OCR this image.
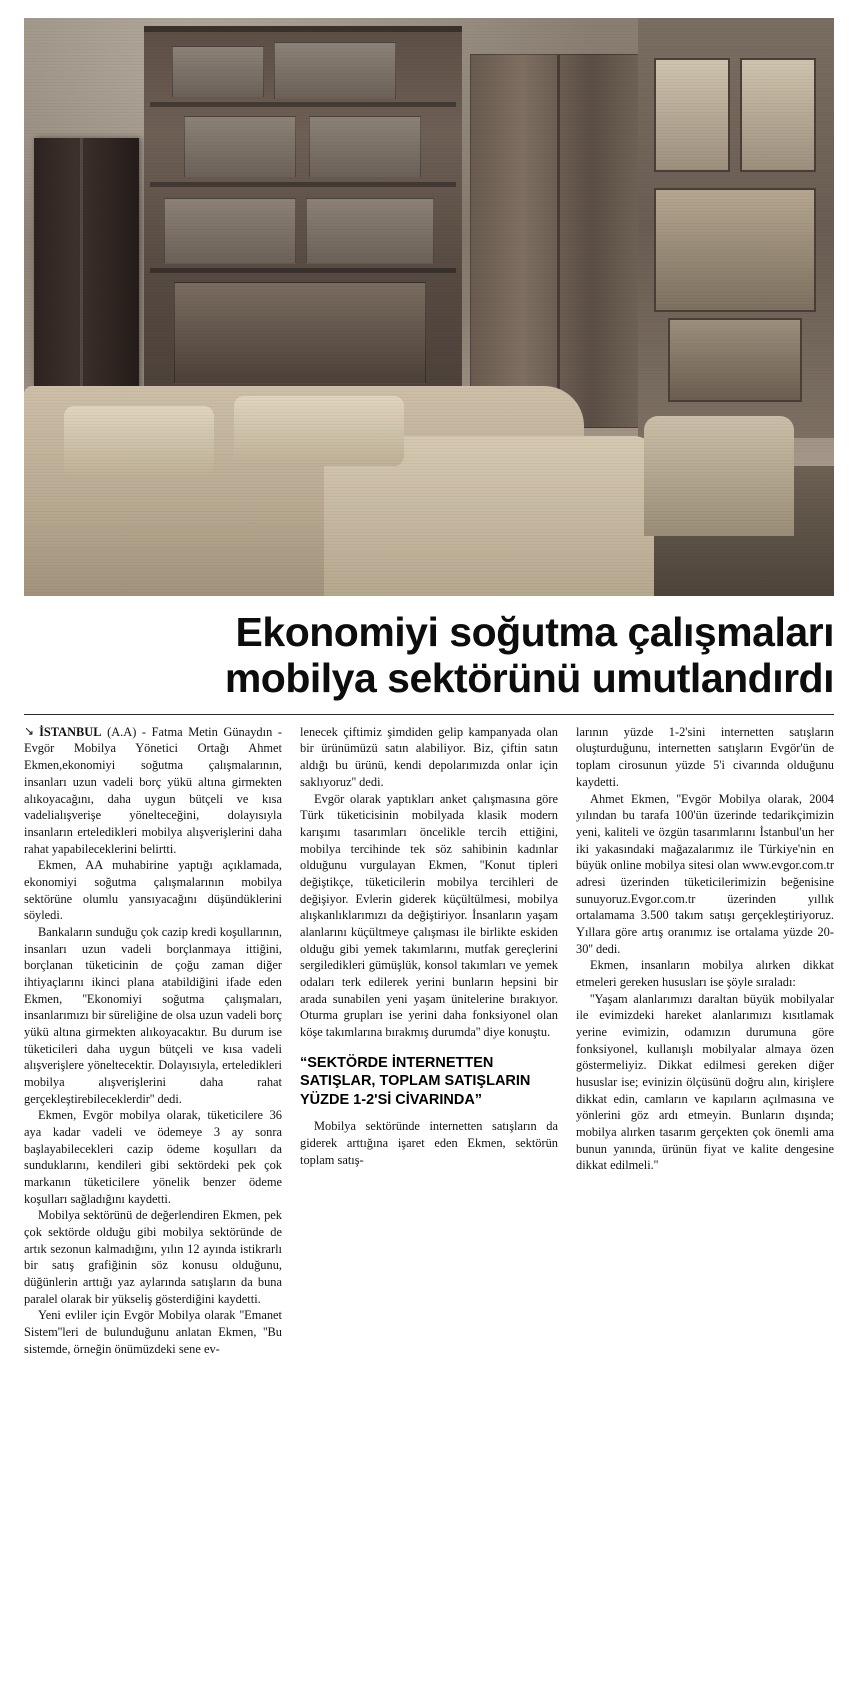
Ekonomiyi soğutma çalışmaları
mobilya sektörünü umutlandırdı

↘ İSTANBUL (A.A) - Fatma Metin Günaydın - Evgör Mobilya Yönetici Ortağı Ahmet Ekmen,ekonomiyi soğutma çalışmalarının, insanları uzun vadeli borç yükü altına girmekten alıkoyacağını, daha uygun bütçeli ve kısa vadelialışverişe yönelteceğini, dolayısıyla insanların erteledikleri mobilya alışverişlerini daha rahat yapabileceklerini belirtti.

Ekmen, AA muhabirine yaptığı açıklamada, ekonomiyi soğutma çalışmalarının mobilya sektörüne olumlu yansıyacağını düşündüklerini söyledi.

Bankaların sunduğu çok cazip kredi koşullarının, insanları uzun vadeli borçlanmaya ittiğini, borçlanan tüketicinin de çoğu zaman diğer ihtiyaçlarını ikinci plana atabildiğini ifade eden Ekmen, ''Ekonomiyi soğutma çalışmaları, insanlarımızı bir süreliğine de olsa uzun vadeli borç yükü altına girmekten alıkoyacaktır. Bu durum ise tüketicileri daha uygun bütçeli ve kısa vadeli alışverişlere yöneltecektir. Dolayısıyla, erteledikleri mobilya alışverişlerini daha rahat gerçekleştirebileceklerdir'' dedi.

Ekmen, Evgör mobilya olarak, tüketicilere 36 aya kadar vadeli ve ödemeye 3 ay sonra başlayabilecekleri cazip ödeme koşulları da sunduklarını, kendileri gibi sektördeki pek çok markanın tüketicilere yönelik benzer ödeme koşulları sağladığını kaydetti.

Mobilya sektörünü de değerlendiren Ekmen, pek çok sektörde olduğu gibi mobilya sektöründe de artık sezonun kalmadığını, yılın 12 ayında istikrarlı bir satış grafiğinin söz konusu olduğunu, düğünlerin arttığı yaz aylarında satışların da buna paralel olarak bir yükseliş gösterdiğini kaydetti.

Yeni evliler için Evgör Mobilya olarak ''Emanet Sistem''leri de bulunduğunu anlatan Ekmen, ''Bu sistemde, örneğin önümüzdeki sene ev-

lenecek çiftimiz şimdiden gelip kampanyada olan bir ürünümüzü satın alabiliyor. Biz, çiftin satın aldığı bu ürünü, kendi depolarımızda onlar için saklıyoruz'' dedi.

Evgör olarak yaptıkları anket çalışmasına göre Türk tüketicisinin mobilyada klasik modern karışımı tasarımları öncelikle tercih ettiğini, mobilya tercihinde tek söz sahibinin kadınlar olduğunu vurgulayan Ekmen, ''Konut tipleri değiştikçe, tüketicilerin mobilya tercihleri de değişiyor. Evlerin giderek küçültülmesi, mobilya alışkanlıklarımızı da değiştiriyor. İnsanların yaşam alanlarını küçültmeye çalışması ile birlikte eskiden olduğu gibi yemek takımlarını, mutfak gereçlerini sergiledikleri gümüşlük, konsol takımları ve yemek odaları terk edilerek yerini bunların hepsini bir arada sunabilen yeni yaşam ünitelerine bırakıyor. Oturma grupları ise yerini daha fonksiyonel olan köşe takımlarına bırakmış durumda'' diye konuştu.

“SEKTÖRDE İNTERNETTEN SATIŞLAR, TOPLAM SATIŞLARIN YÜZDE 1-2'Sİ CİVARINDA”

Mobilya sektöründe internetten satışların da giderek arttığına işaret eden Ekmen, sektörün toplam satış-

larının yüzde 1-2'sini internetten satışların oluşturduğunu, internetten satışların Evgör'ün de toplam cirosunun yüzde 5'i civarında olduğunu kaydetti.

Ahmet Ekmen, ''Evgör Mobilya olarak, 2004 yılından bu tarafa 100'ün üzerinde tedarikçimizin yeni, kaliteli ve özgün tasarımlarını İstanbul'un her iki yakasındaki mağazalarımız ile Türkiye'nin en büyük online mobilya sitesi olan www.evgor.com.tr adresi üzerinden tüketicilerimizin beğenisine sunuyoruz.Evgor.com.tr üzerinden yıllık ortalamama 3.500 takım satışı gerçekleştiriyoruz. Yıllara göre artış oranımız ise ortalama yüzde 20-30'' dedi.

Ekmen, insanların mobilya alırken dikkat etmeleri gereken hususları ise şöyle sıraladı:

''Yaşam alanlarımızı daraltan büyük mobilyalar ile evimizdeki hareket alanlarımızı kısıtlamak yerine evimizin, odamızın durumuna göre fonksiyonel, kullanışlı mobilyalar almaya özen göstermeliyiz. Dikkat edilmesi gereken diğer hususlar ise; evinizin ölçüsünü doğru alın, kirişlere dikkat edin, camların ve kapıların açılmasına ve yönlerini göz ardı etmeyin. Bunların dışında; mobilya alırken tasarım gerçekten çok önemli ama bunun yanında, ürünün fiyat ve kalite dengesine dikkat edilmeli.''
